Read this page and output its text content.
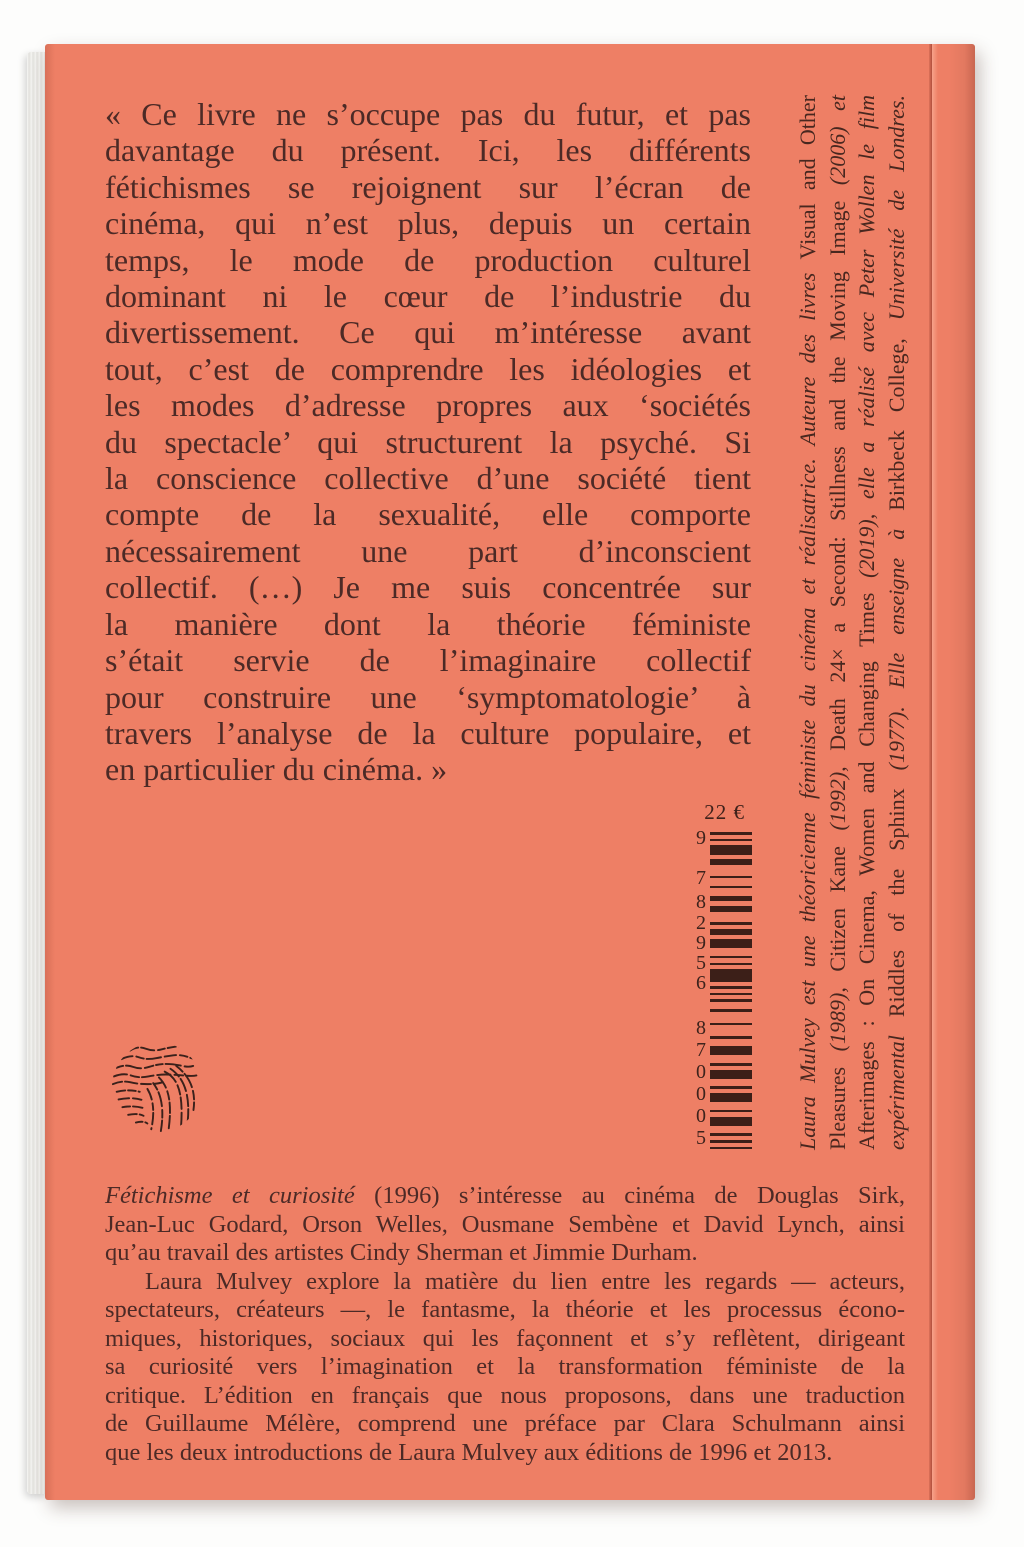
« Ce livre ne s’occupe pas du futur, et pas
davantage du présent. Ici, les différents
fétichismes se rejoignent sur l’écran de
cinéma, qui n’est plus, depuis un certain
temps, le mode de production culturel
dominant ni le cœur de l’industrie du
divertissement. Ce qui m’intéresse avant
tout, c’est de comprendre les idéologies et
les modes d’adresse propres aux ‘sociétés
du spectacle’ qui structurent la psyché. Si
la conscience collective d’une société tient
compte de la sexualité, elle comporte
nécessairement une part d’inconscient
collectif. (…) Je me suis concentrée sur
la manière dont la théorie féministe
s’était servie de l’imaginaire collectif
pour construire une ‘symptomatologie’ à
travers l’analyse de la culture populaire, et
en particulier du cinéma. »	Laura Mulvey est une théoricienne féministe du cinéma et réalisatrice. Auteure des livres Visual and Other
Pleasures (1989), Citizen Kane (1992), Death 24× a Second: Stillness and the Moving Image (2006) et
Afterimages : On Cinema, Women and Changing Times (2019), elle a réalisé avec Peter Wollen le film
expérimental Riddles of the Sphinx (1977). Elle enseigne à Birkbeck College, Université de Londres.
22 €
9
7
8
2
9
5
6
8
7
0
0
0
5
Fétichisme et curiosité (1996) s’intéresse au cinéma de Douglas Sirk,
Jean-Luc Godard, Orson Welles, Ousmane Sembène et David Lynch, ainsi
qu’au travail des artistes Cindy Sherman et Jimmie Durham.
Laura Mulvey explore la matière du lien entre les regards — acteurs,
spectateurs, créateurs —, le fantasme, la théorie et les processus écono-
miques, historiques, sociaux qui les façonnent et s’y reflètent, dirigeant
sa curiosité vers l’imagination et la transformation féministe de la
critique. L’édition en français que nous proposons, dans une traduction
de Guillaume Mélère, comprend une préface par Clara Schulmann ainsi
que les deux introductions de Laura Mulvey aux éditions de 1996 et 2013.
